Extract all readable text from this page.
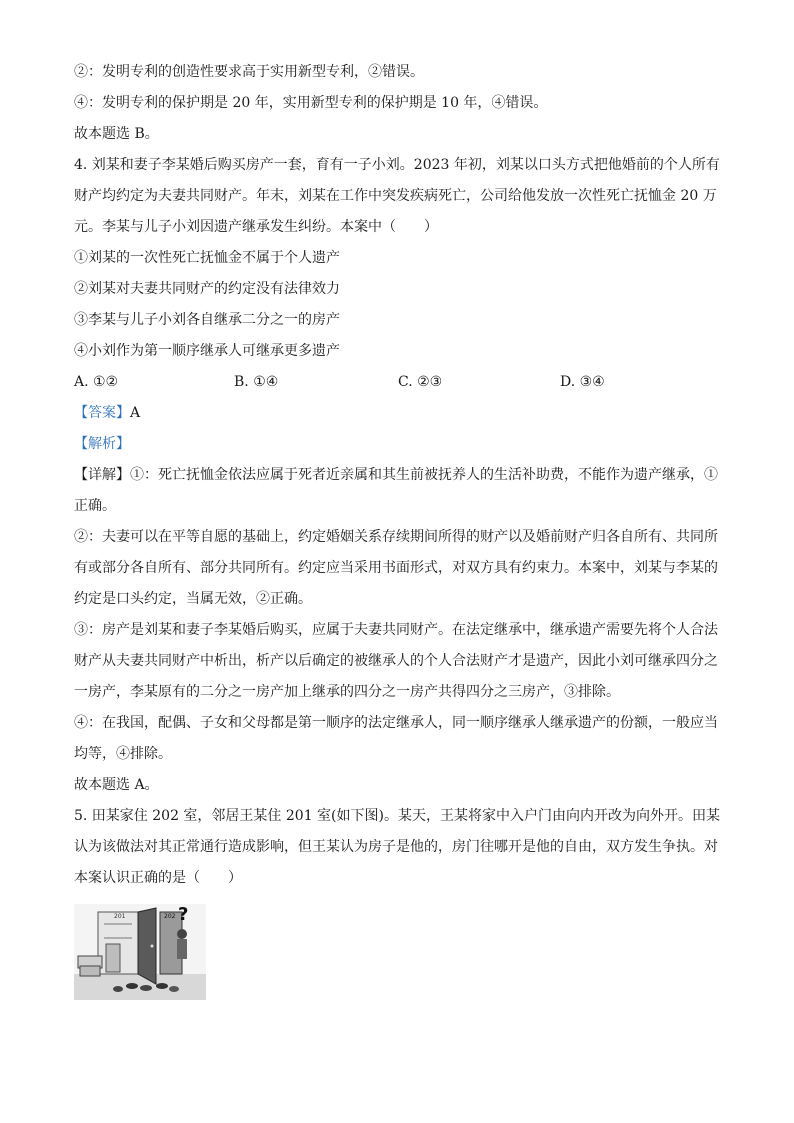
②：发明专利的创造性要求高于实用新型专利，②错误。

④：发明专利的保护期是 20 年，实用新型专利的保护期是 10 年，④错误。

故本题选 B。

4. 刘某和妻子李某婚后购买房产一套，育有一子小刘。2023 年初，刘某以口头方式把他婚前的个人所有财产均约定为夫妻共同财产。年末，刘某在工作中突发疾病死亡，公司给他发放一次性死亡抚恤金 20 万元。李某与儿子小刘因遗产继承发生纠纷。本案中（　　）

①刘某的一次性死亡抚恤金不属于个人遗产

②刘某对夫妻共同财产的约定没有法律效力

③李某与儿子小刘各自继承二分之一的房产

④小刘作为第一顺序继承人可继承更多遗产

A. ①②	B. ①④	C. ②③	D. ③④

【答案】A

【解析】

【详解】①：死亡抚恤金依法应属于死者近亲属和其生前被抚养人的生活补助费，不能作为遗产继承，①正确。

②：夫妻可以在平等自愿的基础上，约定婚姻关系存续期间所得的财产以及婚前财产归各自所有、共同所有或部分各自所有、部分共同所有。约定应当采用书面形式，对双方具有约束力。本案中，刘某与李某的约定是口头约定，当属无效，②正确。

③：房产是刘某和妻子李某婚后购买，应属于夫妻共同财产。在法定继承中，继承遗产需要先将个人合法财产从夫妻共同财产中析出，析产以后确定的被继承人的个人合法财产才是遗产，因此小刘可继承四分之一房产，李某原有的二分之一房产加上继承的四分之一房产共得四分之三房产，③排除。

④：在我国，配偶、子女和父母都是第一顺序的法定继承人，同一顺序继承人继承遗产的份额，一般应当均等，④排除。

故本题选 A。

5. 田某家住 202 室，邻居王某住 201 室(如下图)。某天，王某将家中入户门由向内开改为向外开。田某认为该做法对其正常通行造成影响，但王某认为房子是他的，房门往哪开是他的自由，双方发生争执。对本案认识正确的是（　　）

201	202 ?
